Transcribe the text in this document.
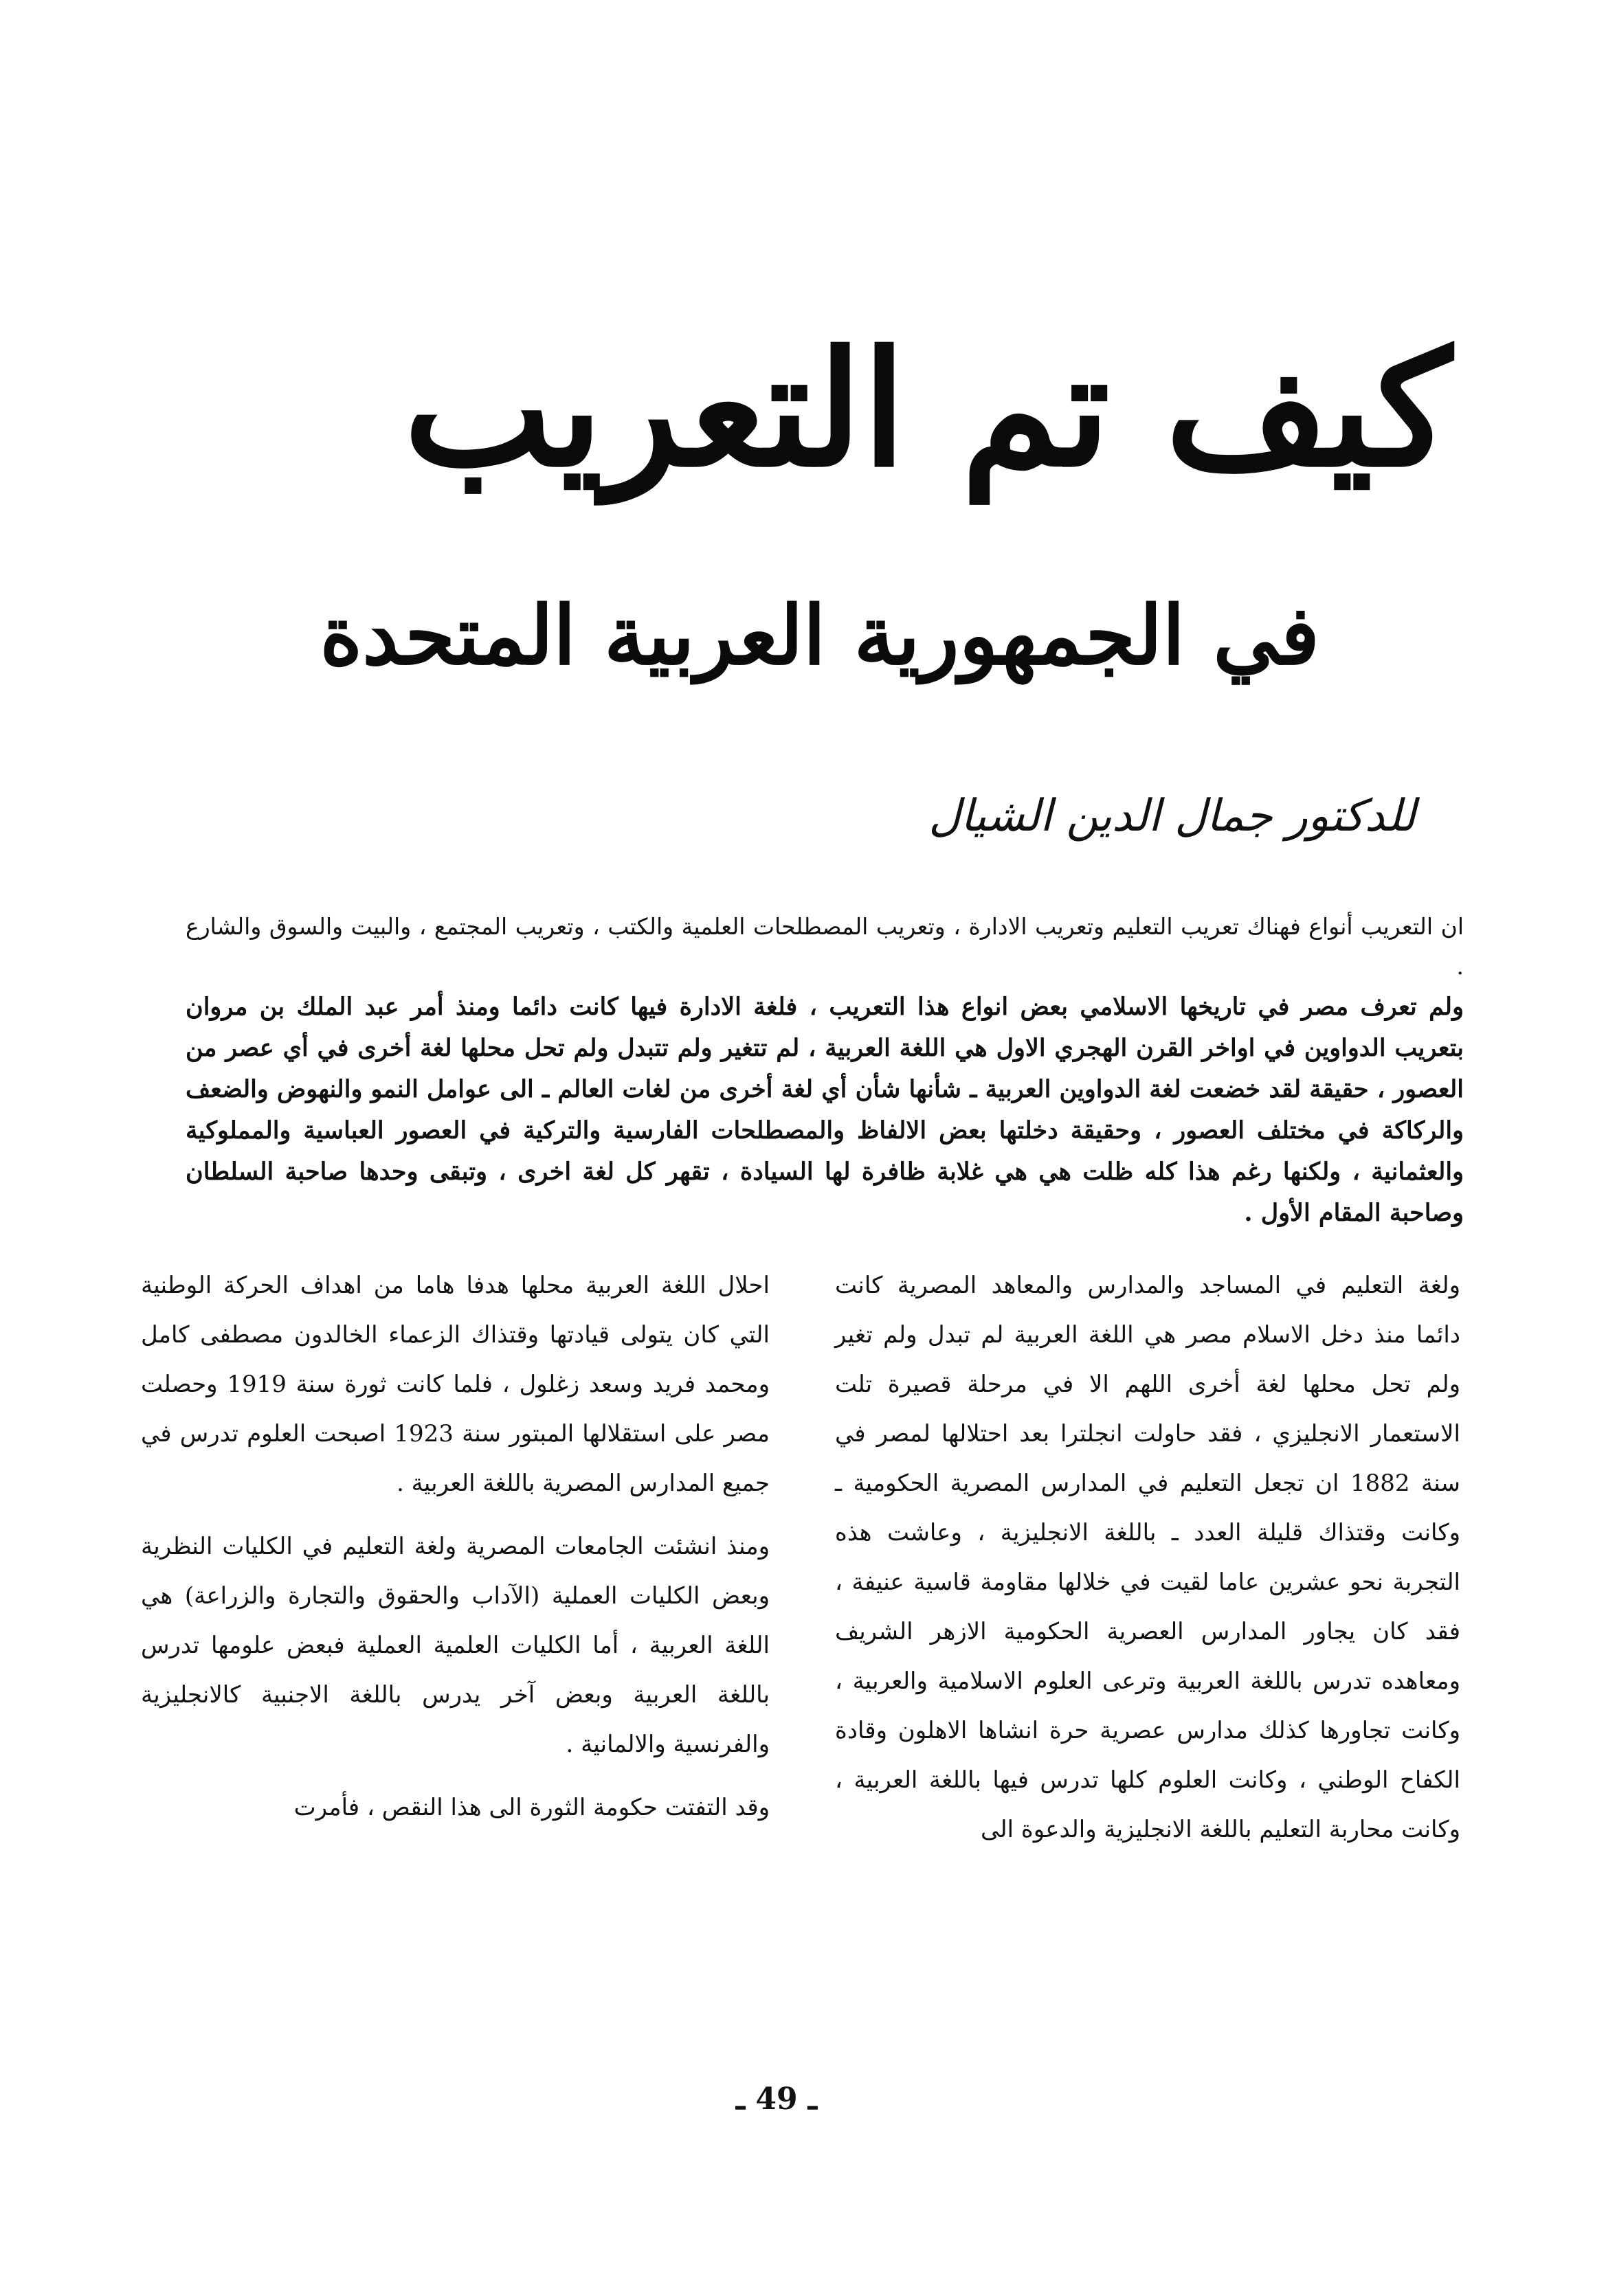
كيف تم التعريب
في الجمهورية العربية المتحدة
للدكتور جمال الدين الشيال

ان التعريب أنواع فهناك تعريب التعليم وتعريب الادارة ، وتعريب المصطلحات العلمية والكتب ، وتعريب المجتمع ، والبيت والسوق والشارع .

ولم تعرف مصر في تاريخها الاسلامي بعض انواع هذا التعريب ، فلغة الادارة فيها كانت دائما ومنذ أمر عبد الملك بن مروان بتعريب الدواوين في اواخر القرن الهجري الاول هي اللغة العربية ، لم تتغير ولم تتبدل ولم تحل محلها لغة أخرى في أي عصر من العصور ، حقيقة لقد خضعت لغة الدواوين العربية ـ شأنها شأن أي لغة أخرى من لغات العالم ـ الى عوامل النمو والنهوض والضعف والركاكة في مختلف العصور ، وحقيقة دخلتها بعض الالفاظ والمصطلحات الفارسية والتركية في العصور العباسية والمملوكية والعثمانية ، ولكنها رغم هذا كله ظلت هي هي غلابة ظافرة لها السيادة ، تقهر كل لغة اخرى ، وتبقى وحدها صاحبة السلطان وصاحبة المقام الأول .

ولغة التعليم في المساجد والمدارس والمعاهد المصرية كانت دائما منذ دخل الاسلام مصر هي اللغة العربية لم تبدل ولم تغير ولم تحل محلها لغة أخرى اللهم الا في مرحلة قصيرة تلت الاستعمار الانجليزي ، فقد حاولت انجلترا بعد احتلالها لمصر في سنة 1882 ان تجعل التعليم في المدارس المصرية الحكومية ـ وكانت وقتذاك قليلة العدد ـ باللغة الانجليزية ، وعاشت هذه التجربة نحو عشرين عاما لقيت في خلالها مقاومة قاسية عنيفة ، فقد كان يجاور المدارس العصرية الحكومية الازهر الشريف ومعاهده تدرس باللغة العربية وترعى العلوم الاسلامية والعربية ، وكانت تجاورها كذلك مدارس عصرية حرة انشاها الاهلون وقادة الكفاح الوطني ، وكانت العلوم كلها تدرس فيها باللغة العربية ، وكانت محاربة التعليم باللغة الانجليزية والدعوة الى

احلال اللغة العربية محلها هدفا هاما من اهداف الحركة الوطنية التي كان يتولى قيادتها وقتذاك الزعماء الخالدون مصطفى كامل ومحمد فريد وسعد زغلول ، فلما كانت ثورة سنة 1919 وحصلت مصر على استقلالها المبتور سنة 1923 اصبحت العلوم تدرس في جميع المدارس المصرية باللغة العربية .

ومنذ انشئت الجامعات المصرية ولغة التعليم في الكليات النظرية وبعض الكليات العملية (الآداب والحقوق والتجارة والزراعة) هي اللغة العربية ، أما الكليات العلمية العملية فبعض علومها تدرس باللغة العربية وبعض آخر يدرس باللغة الاجنبية كالانجليزية والفرنسية والالمانية .

وقد التفتت حكومة الثورة الى هذا النقص ، فأمرت

ـ 49 ـ
